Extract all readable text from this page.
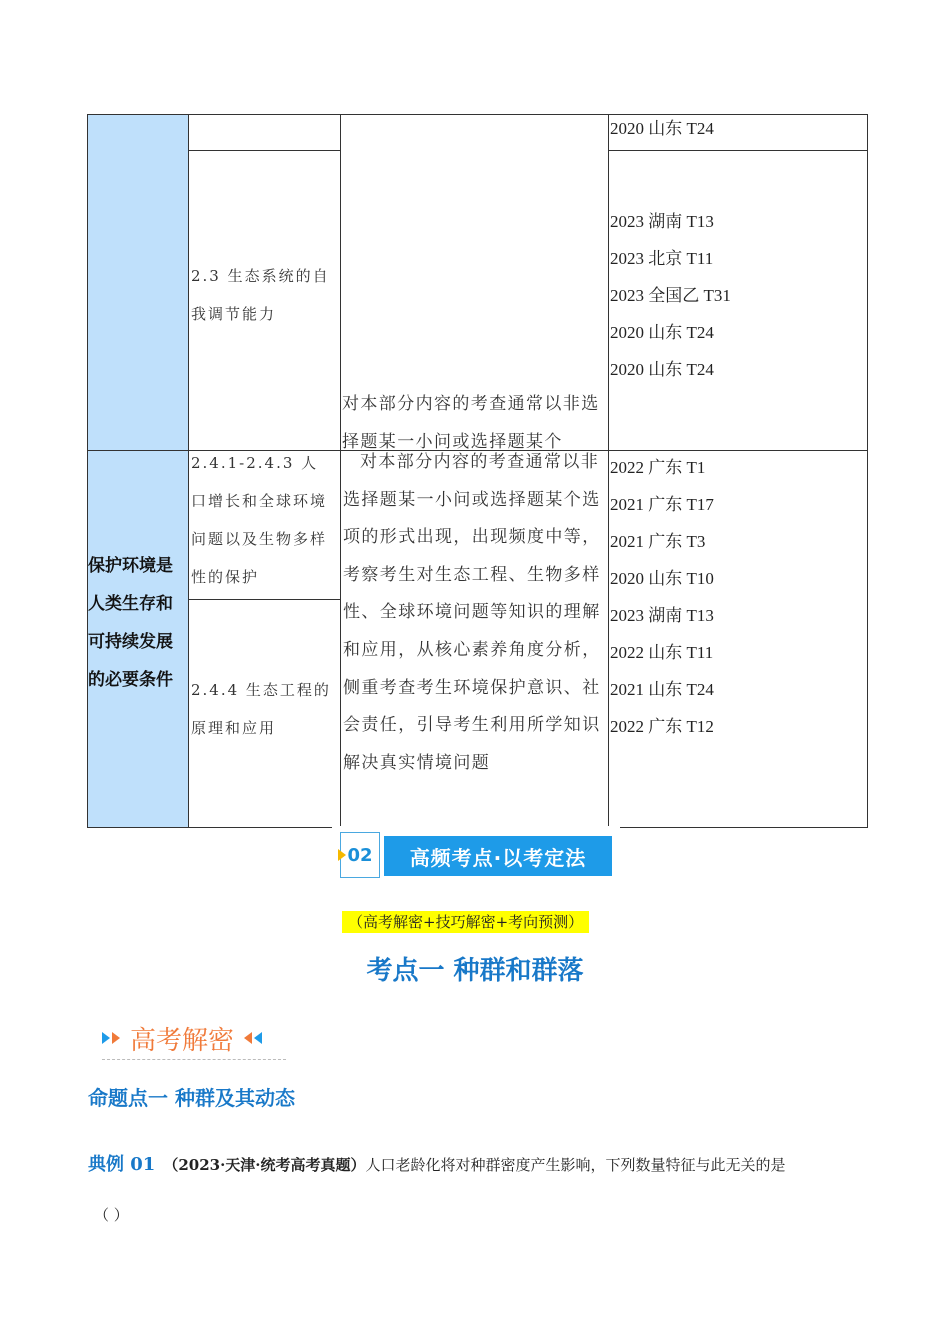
保护环境是人类生存和可持续发展的必要条件
2.3 生态系统的自我调节能力
对本部分内容的考查通常以非选择题某一小问或选择题某个
2020 山东 T24
2023 湖南 T13
2023 北京 T11
2023 全国乙 T31
2020 山东 T24
2020 山东 T24
2.4.1-2.4.3 人口增长和全球环境问题以及生物多样性的保护
2.4.4 生态工程的原理和应用
对本部分内容的考查通常以非选择题某一小问或选择题某个选项的形式出现，出现频度中等，考察考生对生态工程、生物多样性、全球环境问题等知识的理解和应用，从核心素养角度分析，侧重考查考生环境保护意识、社会责任，引导考生利用所学知识解决真实情境问题
2022 广东 T1
2021 广东 T17
2021 广东 T3
2020 山东 T10
2023 湖南 T13
2022 山东 T11
2021 山东 T24
2022 广东 T12
02	高频考点·以考定法
（高考解密+技巧解密+考向预测）
考点一 种群和群落
高考解密
命题点一 种群及其动态
典例 01 （2023·天津·统考高考真题）人口老龄化将对种群密度产生影响，下列数量特征与此无关的是
（ ）
